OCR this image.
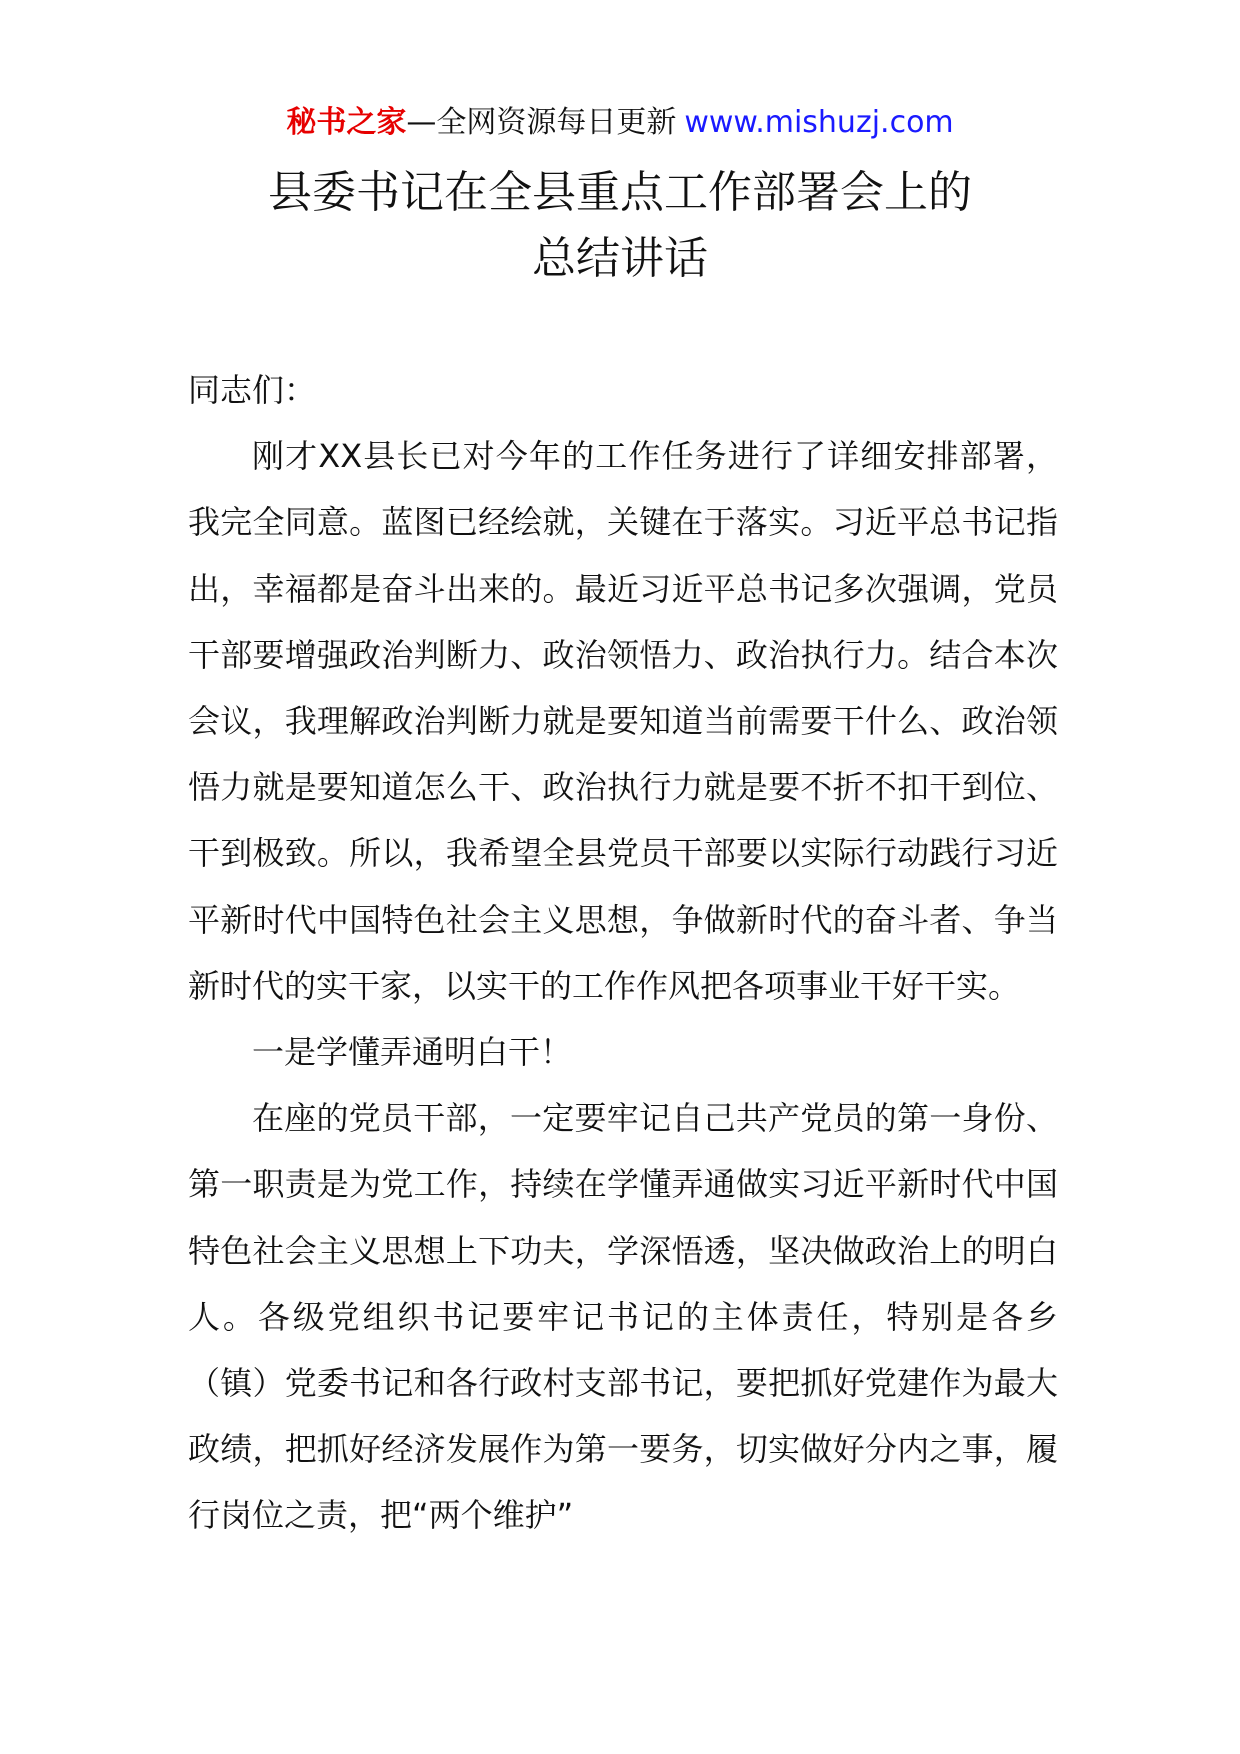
秘书之家—全网资源每日更新 www.mishuzj.com
县委书记在全县重点工作部署会上的
总结讲话

同志们：

刚才XX县长已对今年的工作任务进行了详细安排部署，我完全同意。蓝图已经绘就，关键在于落实。习近平总书记指出，幸福都是奋斗出来的。最近习近平总书记多次强调，党员干部要增强政治判断力、政治领悟力、政治执行力。结合本次会议，我理解政治判断力就是要知道当前需要干什么、政治领悟力就是要知道怎么干、政治执行力就是要不折不扣干到位、干到极致。所以，我希望全县党员干部要以实际行动践行习近平新时代中国特色社会主义思想，争做新时代的奋斗者、争当新时代的实干家，以实干的工作作风把各项事业干好干实。

一是学懂弄通明白干！

在座的党员干部，一定要牢记自己共产党员的第一身份、第一职责是为党工作，持续在学懂弄通做实习近平新时代中国特色社会主义思想上下功夫，学深悟透，坚决做政治上的明白人。各级党组织书记要牢记书记的主体责任，特别是各乡（镇）党委书记和各行政村支部书记，要把抓好党建作为最大政绩，把抓好经济发展作为第一要务，切实做好分内之事，履行岗位之责，把“两个维护”
